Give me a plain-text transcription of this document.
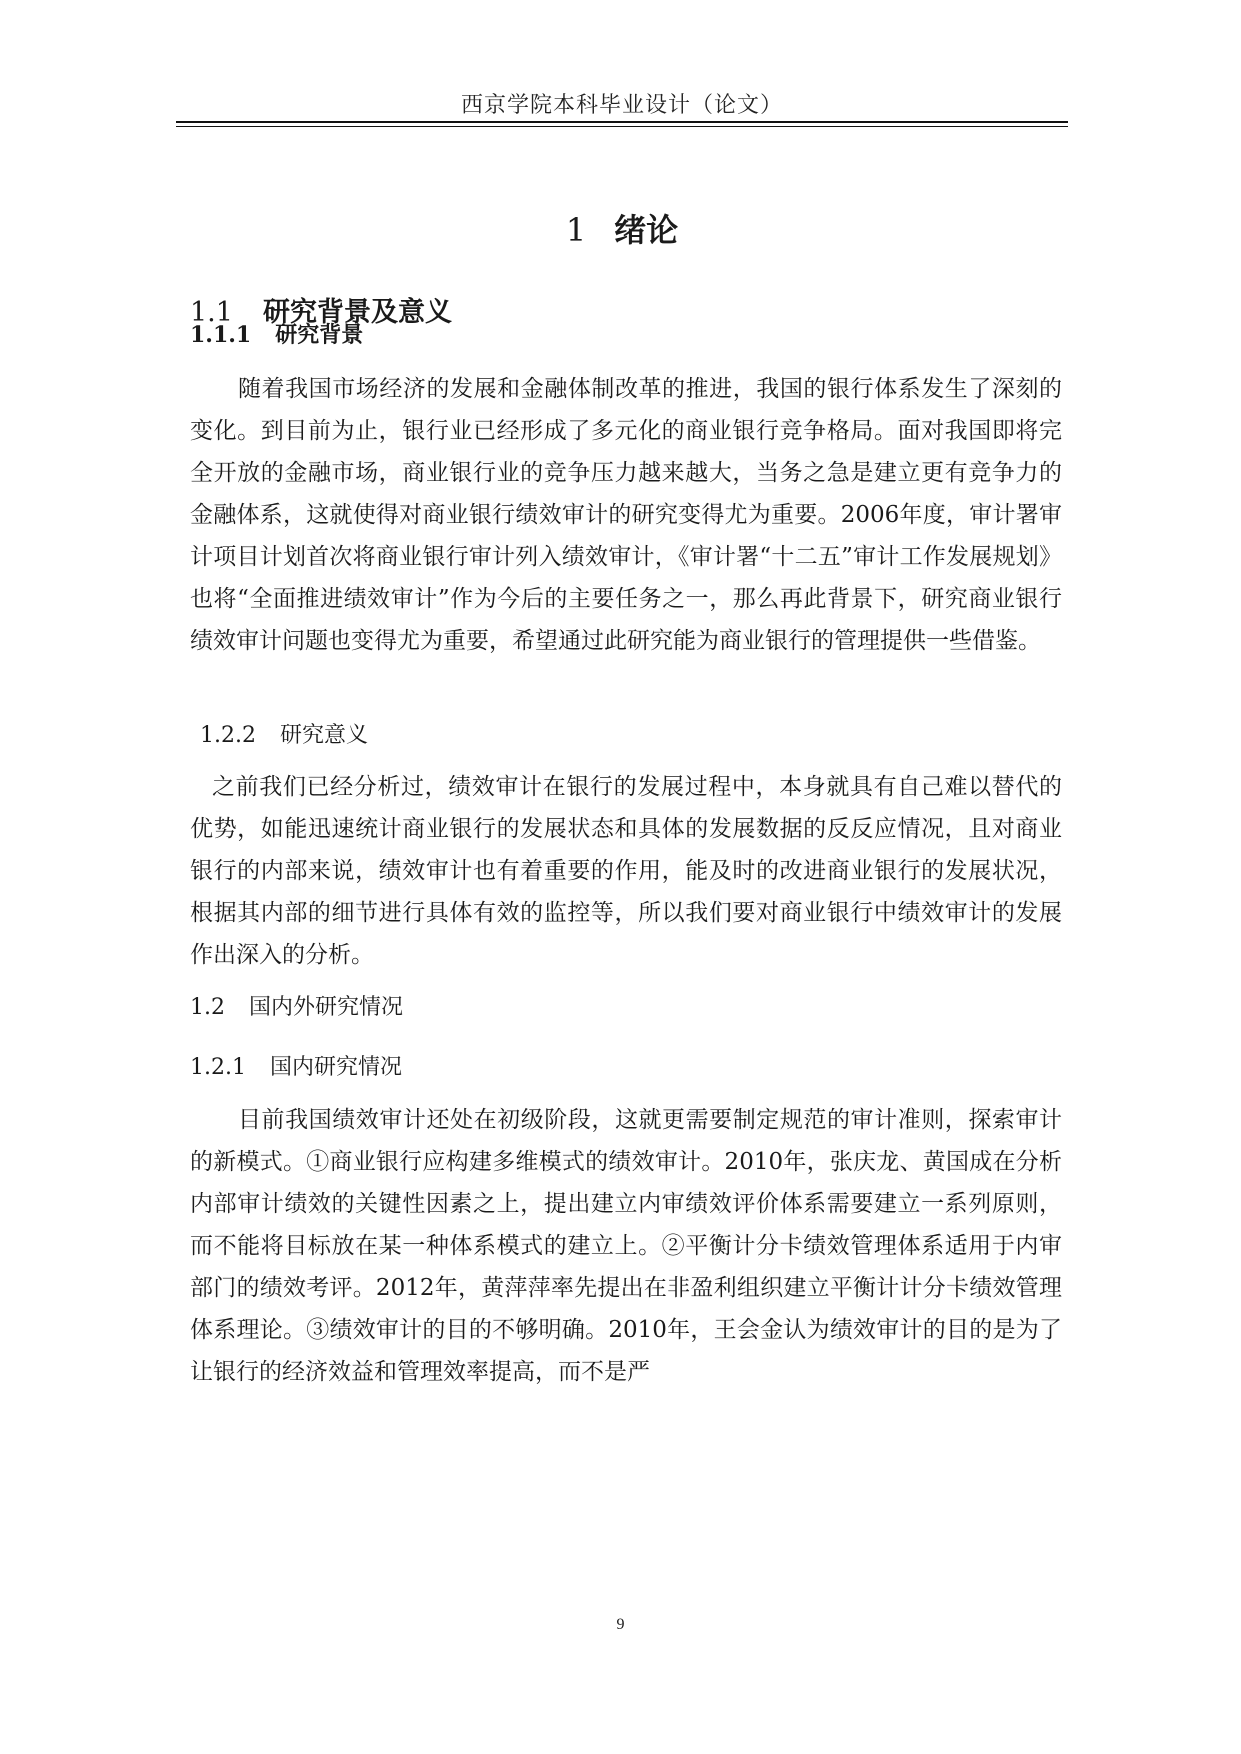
西京学院本科毕业设计（论文）
1 绪论
1.1 研究背景及意义
1.1.1 研究背景

随着我国市场经济的发展和金融体制改革的推进，我国的银行体系发生了深刻的变化。到目前为止，银行业已经形成了多元化的商业银行竞争格局。面对我国即将完全开放的金融市场，商业银行业的竞争压力越来越大，当务之急是建立更有竞争力的金融体系，这就使得对商业银行绩效审计的研究变得尤为重要。2006年度，审计署审计项目计划首次将商业银行审计列入绩效审计，《审计署“十二五”审计工作发展规划》也将“全面推进绩效审计”作为今后的主要任务之一，那么再此背景下，研究商业银行绩效审计问题也变得尤为重要，希望通过此研究能为商业银行的管理提供一些借鉴。

1.2.2 研究意义

之前我们已经分析过，绩效审计在银行的发展过程中，本身就具有自己难以替代的优势，如能迅速统计商业银行的发展状态和具体的发展数据的反反应情况，且对商业银行的内部来说，绩效审计也有着重要的作用，能及时的改进商业银行的发展状况，根据其内部的细节进行具体有效的监控等，所以我们要对商业银行中绩效审计的发展作出深入的分析。

1.2 国内外研究情况
1.2.1 国内研究情况

目前我国绩效审计还处在初级阶段，这就更需要制定规范的审计准则，探索审计的新模式。①商业银行应构建多维模式的绩效审计。2010年，张庆龙、黄国成在分析内部审计绩效的关键性因素之上，提出建立内审绩效评价体系需要建立一系列原则，而不能将目标放在某一种体系模式的建立上。②平衡计分卡绩效管理体系适用于内审部门的绩效考评。2012年，黄萍萍率先提出在非盈利组织建立平衡计计分卡绩效管理体系理论。③绩效审计的目的不够明确。2010年，王会金认为绩效审计的目的是为了让银行的经济效益和管理效率提高，而不是严

9
